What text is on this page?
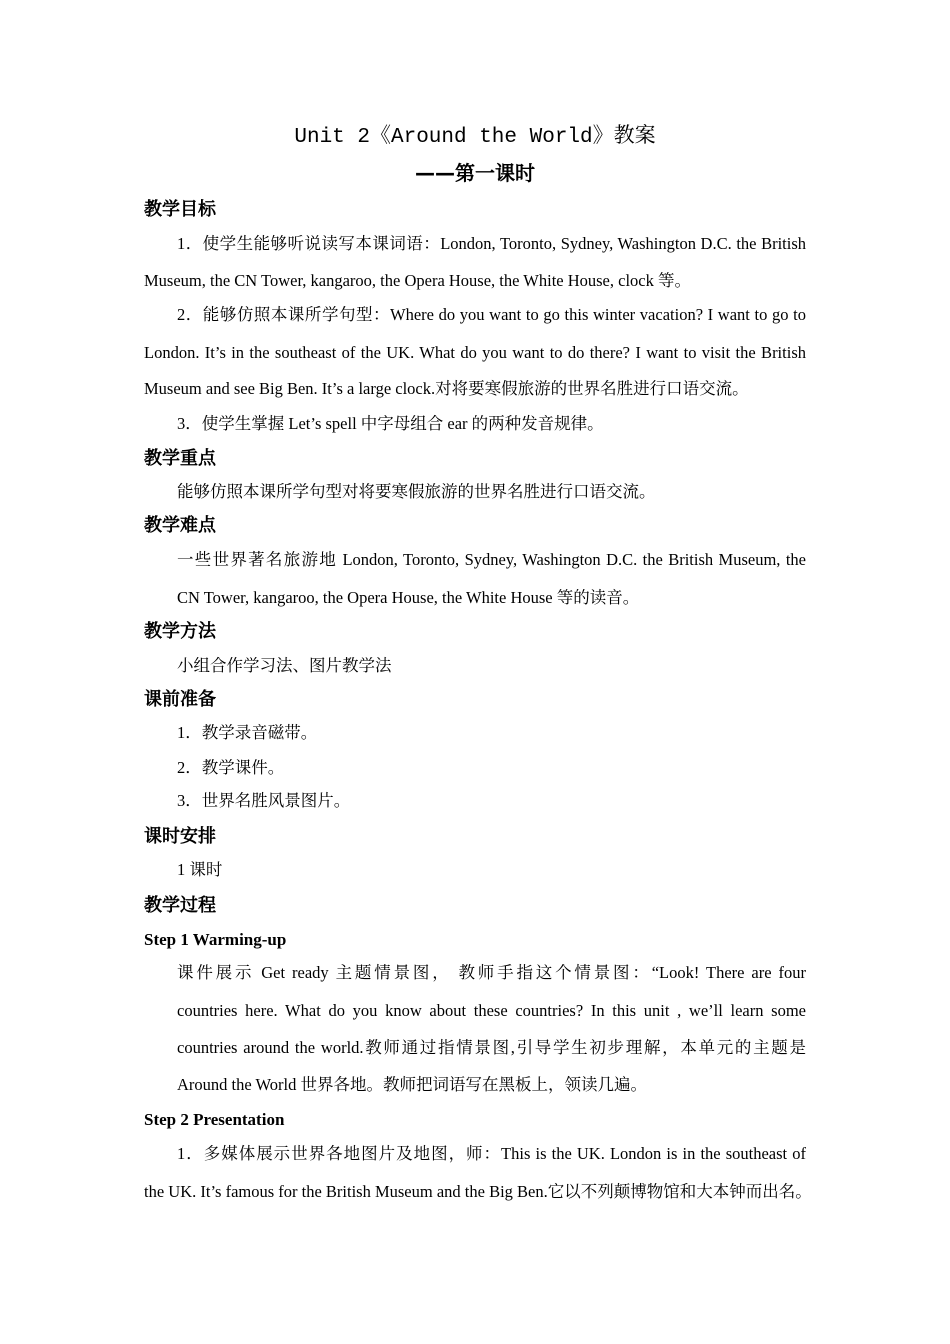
Unit 2《Around the World》教案
——第一课时
教学目标
1．使学生能够听说读写本课词语：London, Toronto, Sydney, Washington D.C. the British
Museum, the CN Tower, kangaroo, the Opera House, the White House, clock 等。
2．能够仿照本课所学句型：Where do you want to go this winter vacation? I want to go to
London. It’s in the southeast of the UK. What do you want to do there? I want to visit the British
Museum and see Big Ben. It’s a large clock.对将要寒假旅游的世界名胜进行口语交流。
3．使学生掌握 Let’s spell 中字母组合 ear 的两种发音规律。
教学重点
能够仿照本课所学句型对将要寒假旅游的世界名胜进行口语交流。
教学难点
一些世界著名旅游地 London, Toronto, Sydney, Washington D.C. the British Museum, the
CN Tower, kangaroo, the Opera House, the White House 等的读音。
教学方法
小组合作学习法、图片教学法
课前准备
1．教学录音磁带。
2．教学课件。
3．世界名胜风景图片。
课时安排
1 课时
教学过程
Step 1 Warming-up
课件展示 Get ready 主题情景图， 教师手指这个情景图：“Look! There are four
countries here. What do you know about these countries? In this unit , we’ll learn some
countries around the world.教师通过指情景图,引导学生初步理解，本单元的主题是
Around the World 世界各地。教师把词语写在黑板上，领读几遍。
Step 2 Presentation
1．多媒体展示世界各地图片及地图，师：This is the UK. London is in the southeast of
the UK. It’s famous for the British Museum and the Big Ben.它以不列颠博物馆和大本钟而出名。
